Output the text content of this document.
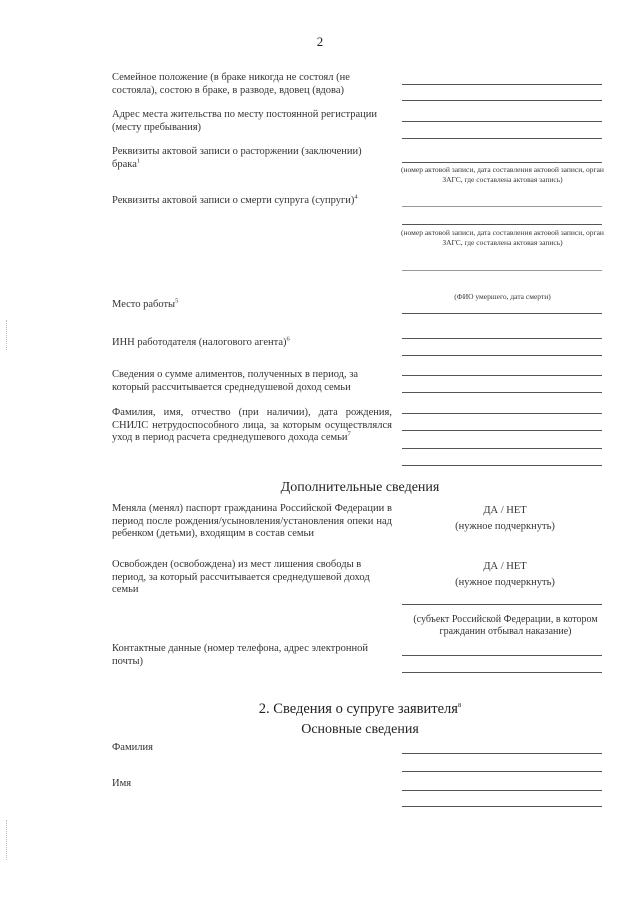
2
Семейное положение (в браке никогда не состоял (не состояла), состою в браке, в разводе, вдовец (вдова)
Адрес места жительства по месту постоянной регистрации (месту пребывания)
Реквизиты актовой записи о расторжении (заключении) брака$^1$
(номер актовой записи, дата составления актовой записи, орган ЗАГС, где составлена актовая запись)
Реквизиты актовой записи о смерти супруга (супруги)$^4$
(номер актовой записи, дата составления актовой записи, орган ЗАГС, где составлена актовая запись)
(ФИО умершего, дата смерти)
Место работы$^5$
ИНН работодателя (налогового агента)$^6$
Сведения о сумме алиментов, полученных в период, за который рассчитывается среднедушевой доход семьи
Фамилия, имя, отчество (при наличии), дата рождения, СНИЛС нетрудоспособного лица, за которым осуществлялся уход в период расчета среднедушевого дохода семьи$^7$
Дополнительные сведения
Меняла (менял) паспорт гражданина Российской Федерации в период после рождения/усыновления/установления опеки над ребенком (детьми), входящим в состав семьи
ДА / НЕТ
(нужное подчеркнуть)
Освобожден (освобождена) из мест лишения свободы в период, за который рассчитывается среднедушевой доход семьи
ДА / НЕТ
(нужное подчеркнуть)
(субъект Российской Федерации, в котором гражданин отбывал наказание)
Контактные данные (номер телефона, адрес электронной почты)
2. Сведения о супруге заявителя$^8$
Основные сведения
Фамилия
Имя
